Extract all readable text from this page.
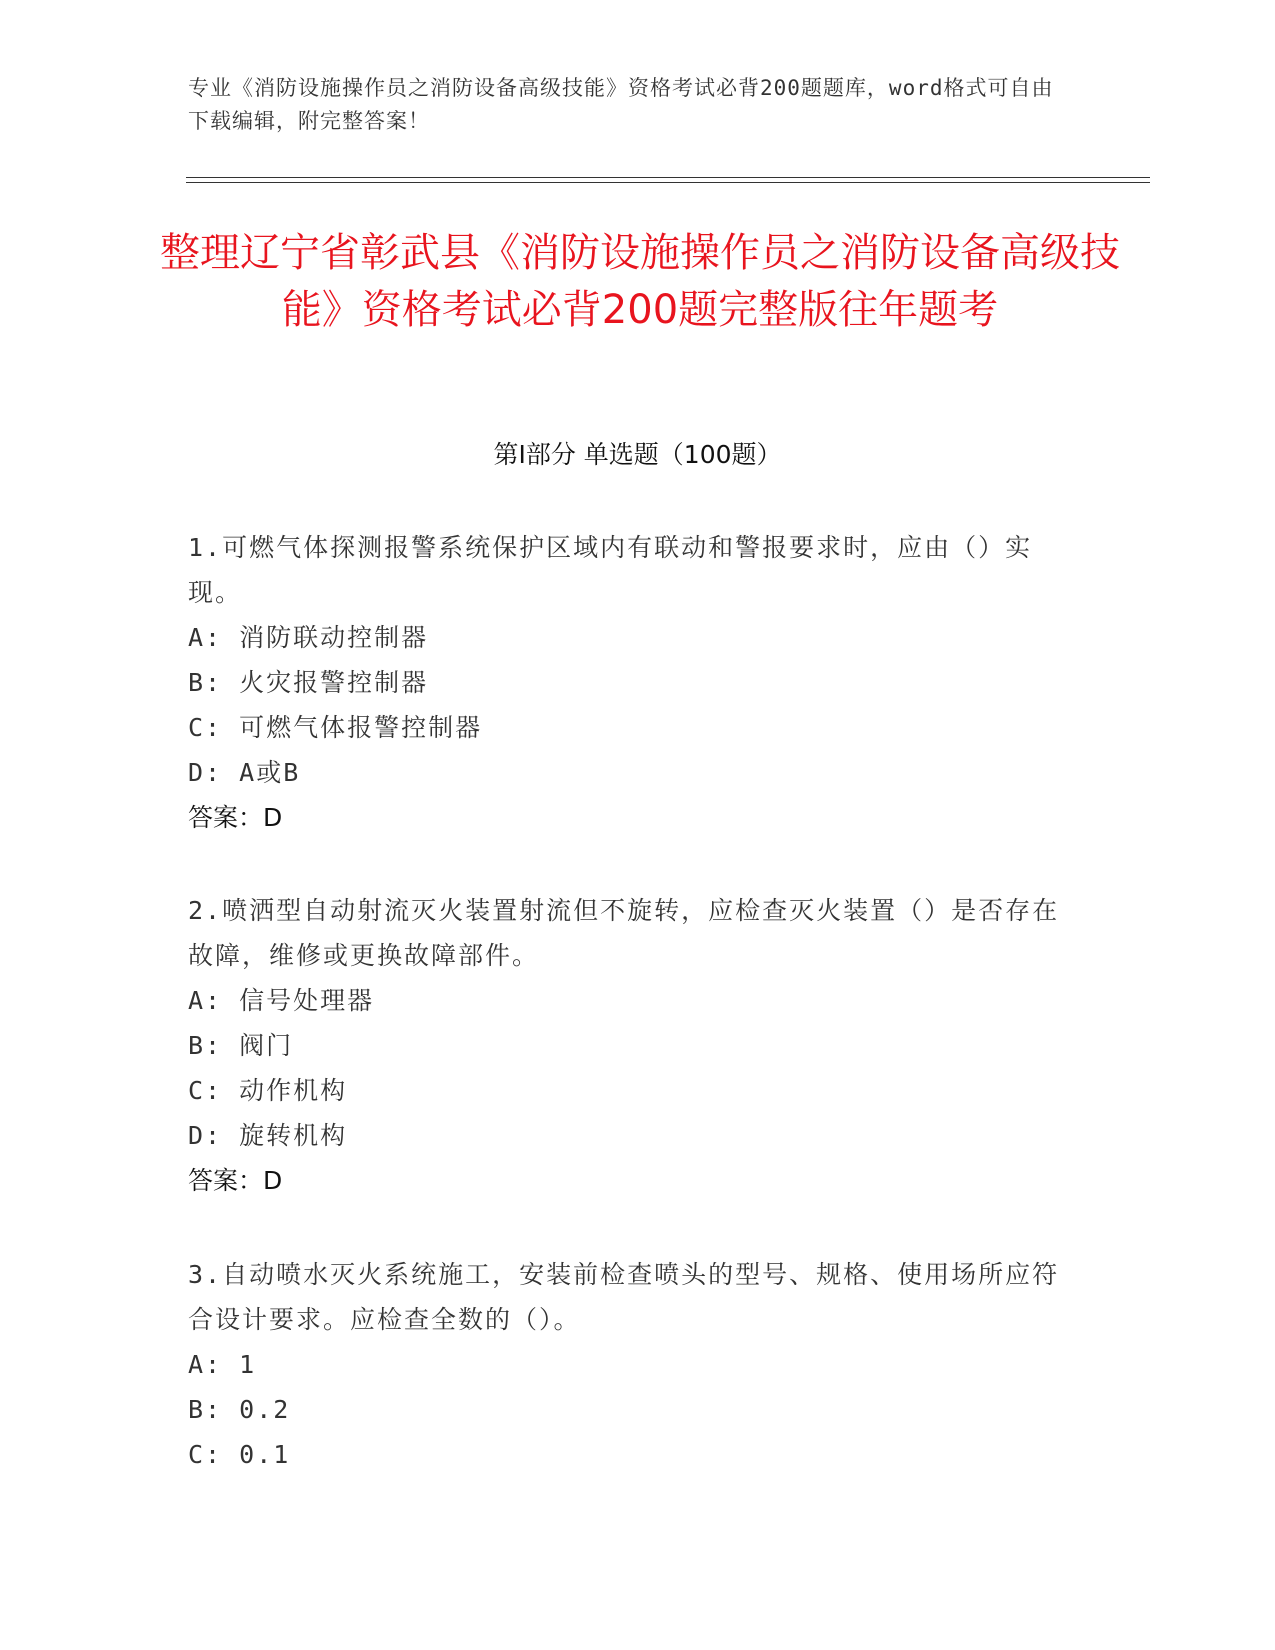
专业《消防设施操作员之消防设备高级技能》资格考试必背200题题库，word格式可自由下载编辑，附完整答案！
整理辽宁省彰武县《消防设施操作员之消防设备高级技能》资格考试必背200题完整版往年题考
第Ⅰ部分 单选题（100题）
1.可燃气体探测报警系统保护区域内有联动和警报要求时，应由（）实现。
A: 消防联动控制器
B: 火灾报警控制器
C: 可燃气体报警控制器
D: A或B
答案：D
2.喷洒型自动射流灭火装置射流但不旋转，应检查灭火装置（）是否存在故障，维修或更换故障部件。
A: 信号处理器
B: 阀门
C: 动作机构
D: 旋转机构
答案：D
3.自动喷水灭火系统施工，安装前检查喷头的型号、规格、使用场所应符合设计要求。应检查全数的（）。
A: 1
B: 0.2
C: 0.1
